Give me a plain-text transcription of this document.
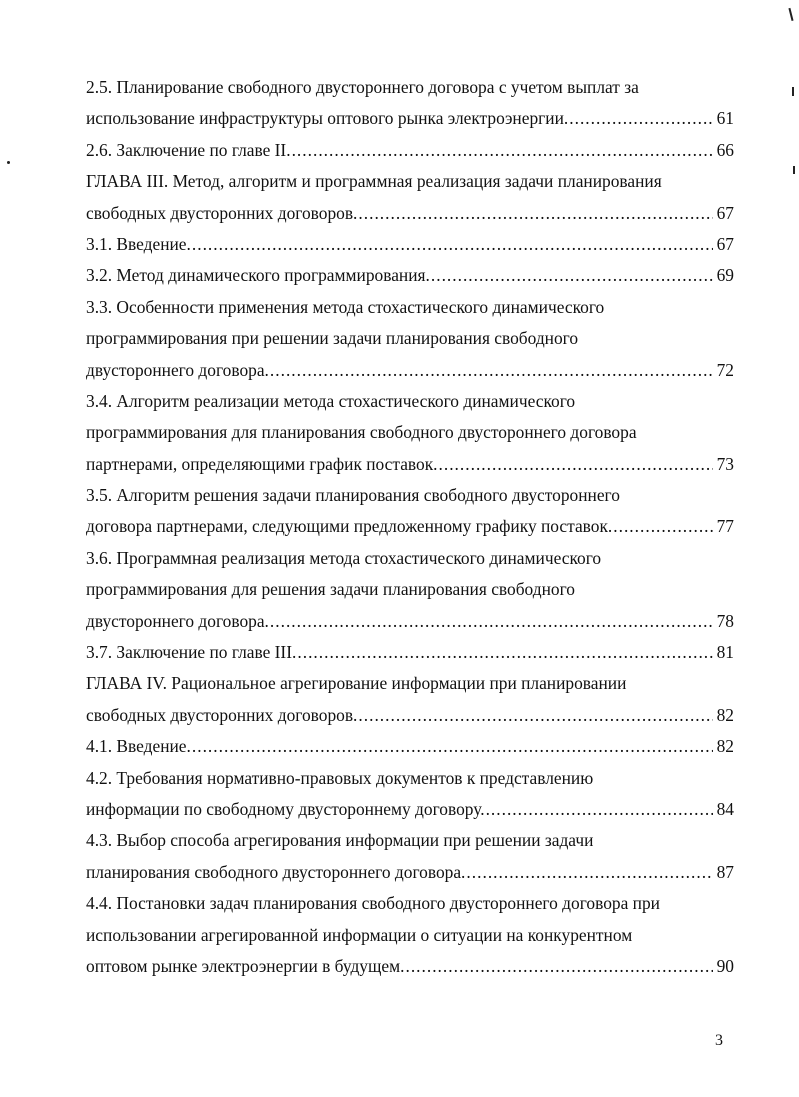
2.5. Планирование свободного двустороннего договора с учетом выплат за
использование инфраструктуры оптового рынка электроэнергии. .....	61
2.6. Заключение по главе II. .....	66
ГЛАВА III. Метод, алгоритм и программная реализация задачи планирования
свободных двусторонних договоров. .....	67
3.1. Введение. .....	67
3.2. Метод динамического программирования. .....	69
3.3. Особенности применения метода стохастического динамического
программирования при решении задачи планирования свободного
двустороннего договора. .....	72
3.4. Алгоритм реализации метода стохастического динамического
программирования для планирования свободного двустороннего договора
партнерами, определяющими график поставок. .....	73
3.5. Алгоритм решения задачи планирования свободного двустороннего
договора партнерами, следующими предложенному графику поставок. .....	77
3.6. Программная реализация метода стохастического динамического
программирования для решения задачи планирования свободного
двустороннего договора. .....	78
3.7. Заключение по главе III. .....	81
ГЛАВА IV. Рациональное агрегирование информации при планировании
свободных двусторонних договоров. .....	82
4.1. Введение. .....	82
4.2. Требования нормативно-правовых документов к представлению
информации по свободному двустороннему договору. .....	84
4.3. Выбор способа агрегирования информации при решении задачи
планирования свободного двустороннего договора. .....	87
4.4. Постановки задач планирования свободного двустороннего договора при
использовании агрегированной информации о ситуации на конкурентном
оптовом рынке электроэнергии в будущем. .....	90
3
